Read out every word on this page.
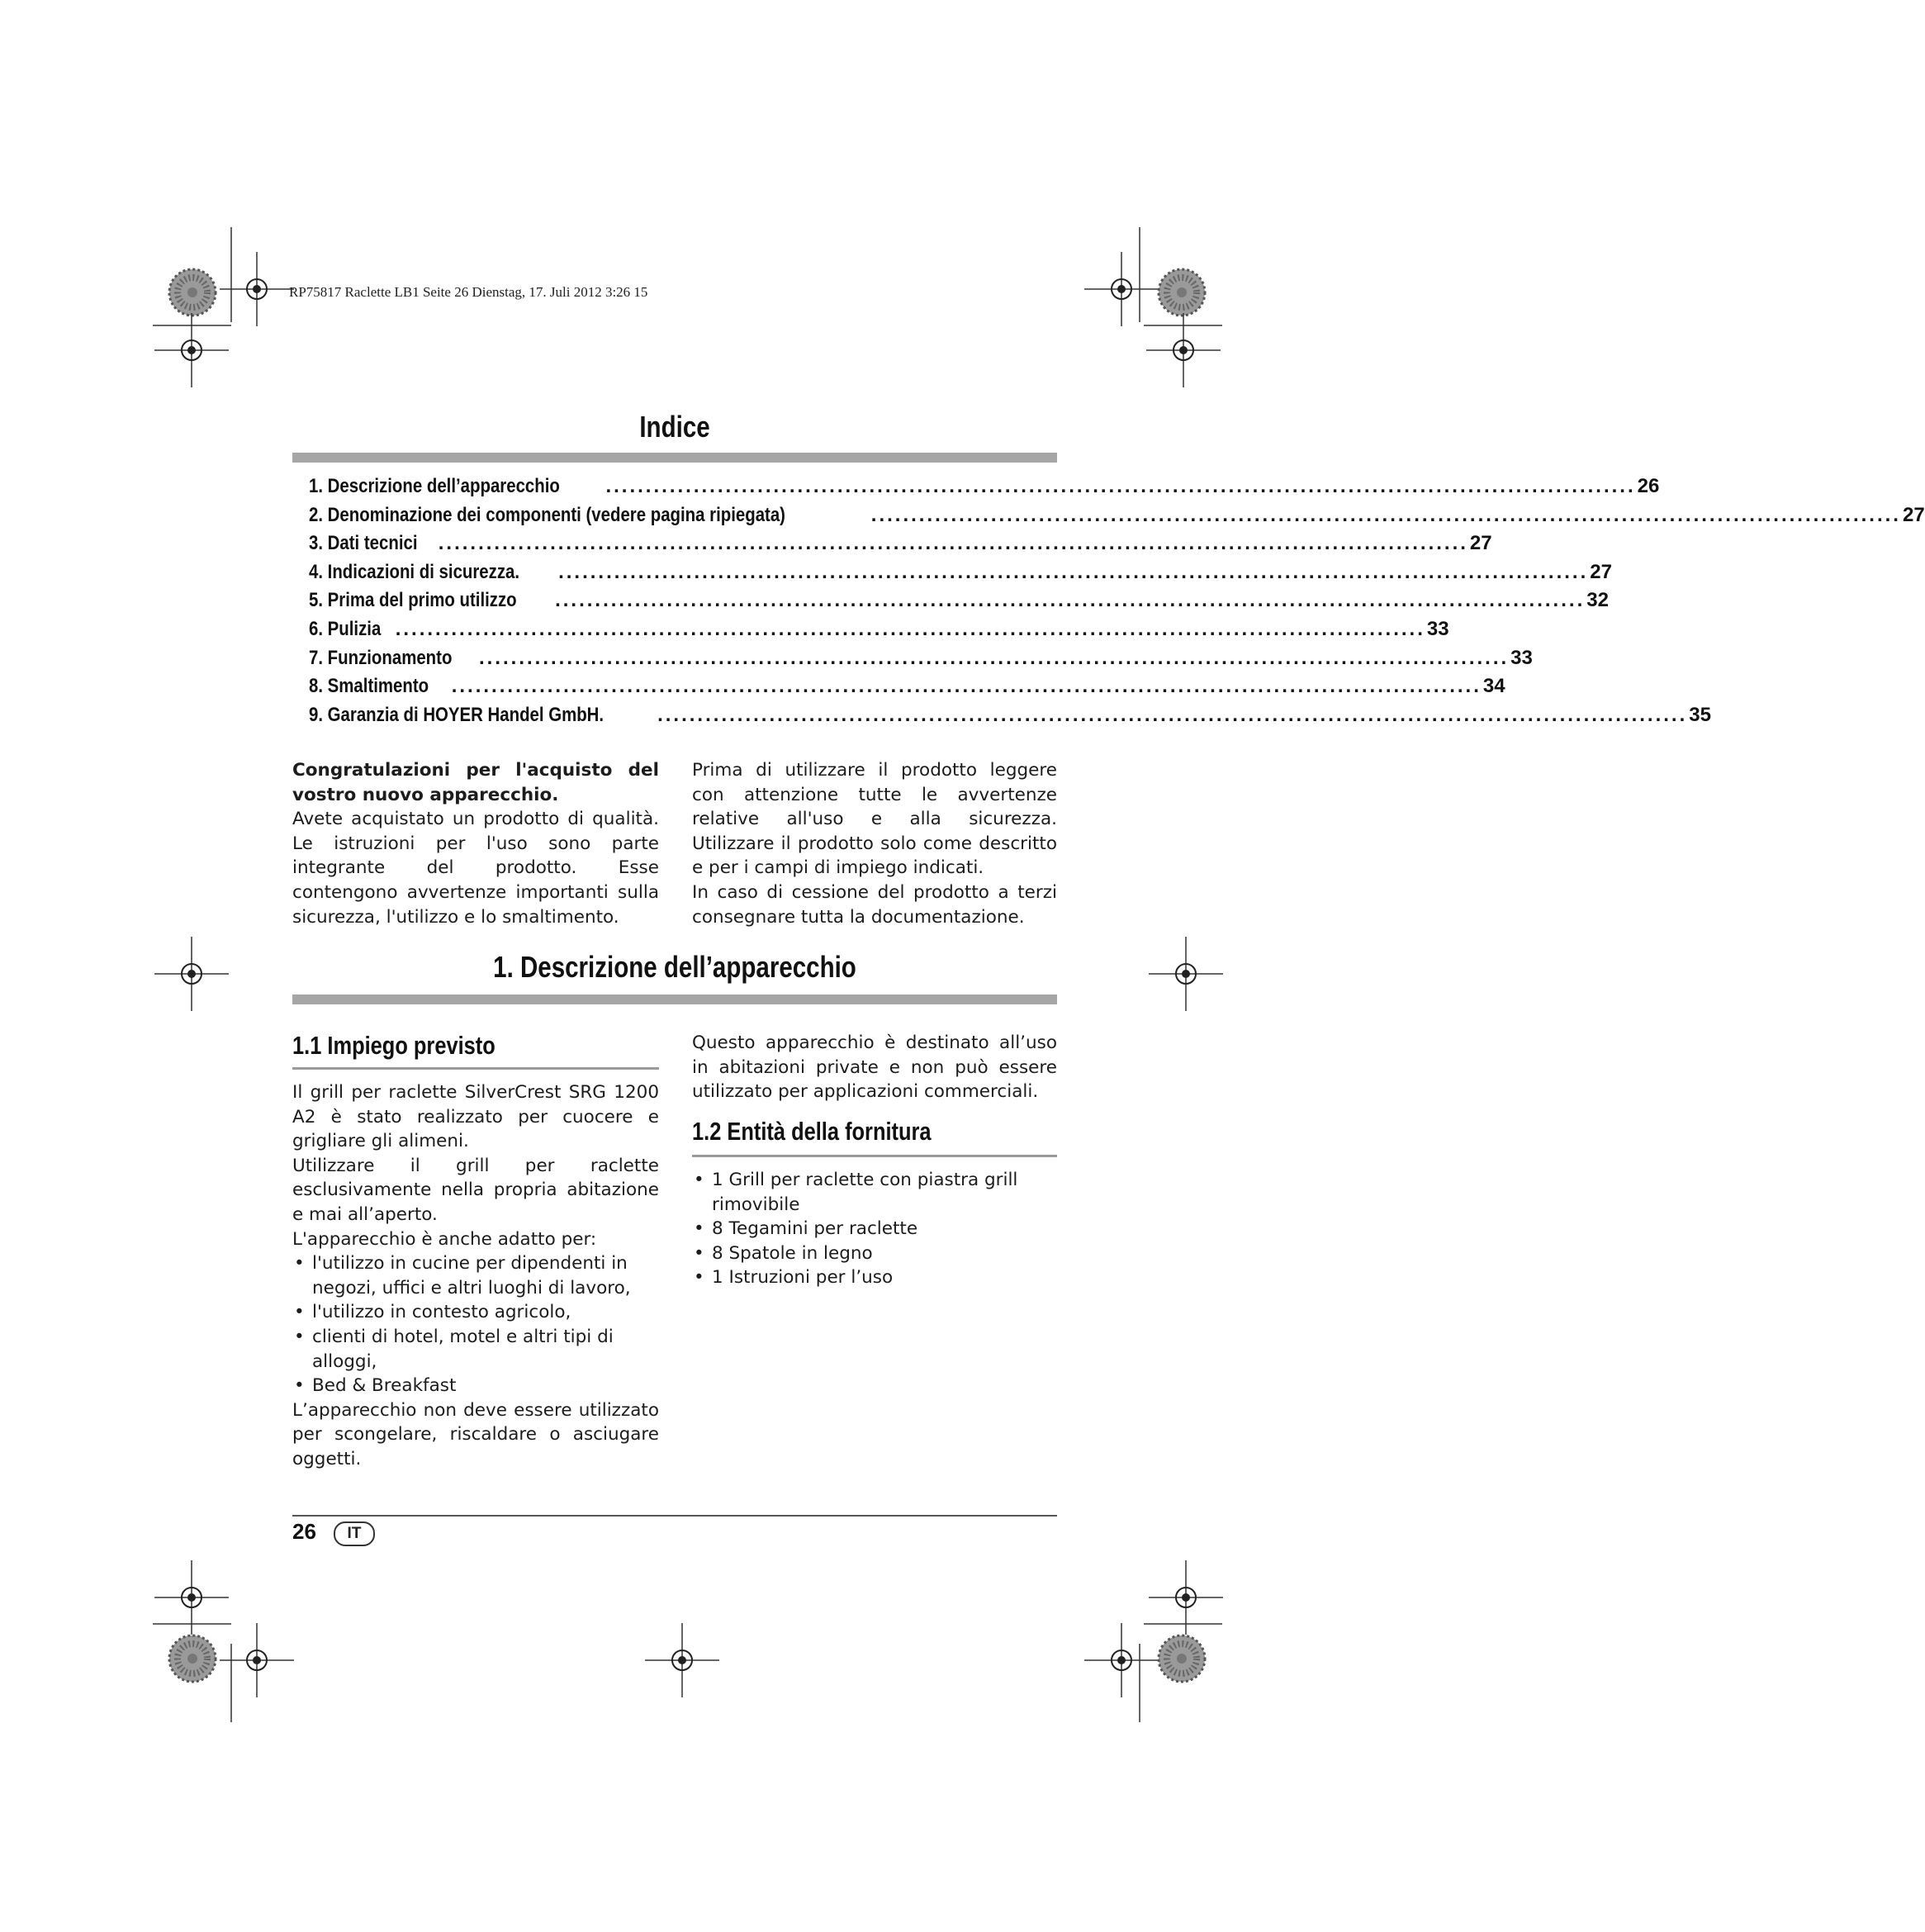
RP75817 Raclette LB1 Seite 26 Dienstag, 17. Juli 2012 3:26 15
Indice
1. Descrizione dell’apparecchio ................................................................................................................................. 26
2. Denominazione dei componenti (vedere pagina ripiegata)	................................................................................................................................. 27
3. Dati tecnici ................................................................................................................................. 27
4. Indicazioni di sicurezza. ................................................................................................................................. 27
5. Prima del primo utilizzo ................................................................................................................................. 32
6. Pulizia ................................................................................................................................. 33
7. Funzionamento ................................................................................................................................. 33
8. Smaltimento ................................................................................................................................. 34
9. Garanzia di HOYER Handel GmbH.	................................................................................................................................. 35

Congratulazioni per l'acquisto del vostro nuovo apparecchio.

Avete acquistato un prodotto di qualità. Le istruzioni per l'uso sono parte integrante del prodotto. Esse contengono avvertenze importanti sulla sicurezza, l'utilizzo e lo smaltimento.

Prima di utilizzare il prodotto leggere con attenzione tutte le avvertenze relative all'uso e alla sicurezza. Utilizzare il prodotto solo come descritto e per i campi di impiego indicati.

In caso di cessione del prodotto a terzi consegnare tutta la documentazione.

1. Descrizione dell’apparecchio
1.1 Impiego previsto

Il grill per raclette SilverCrest SRG 1200 A2 è stato realizzato per cuocere e grigliare gli alimeni.

Utilizzare il grill per raclette esclusivamente nella propria abitazione e mai all’aperto.

L'apparecchio è anche adatto per:

• l'utilizzo in cucine per dipendenti in negozi, uffici e altri luoghi di lavoro,
• l'utilizzo in contesto agricolo,
• clienti di hotel, motel e altri tipi di alloggi,
• Bed & Breakfast

L’apparecchio non deve essere utilizzato per scongelare, riscaldare o asciugare oggetti.

Questo apparecchio è destinato all’uso in abitazioni private e non può essere utilizzato per applicazioni commerciali.

1.2 Entità della fornitura
• 1 Grill per raclette con piastra grill rimovibile
• 8 Tegamini per raclette
• 8 Spatole in legno
• 1 Istruzioni per l’uso
26	IT
